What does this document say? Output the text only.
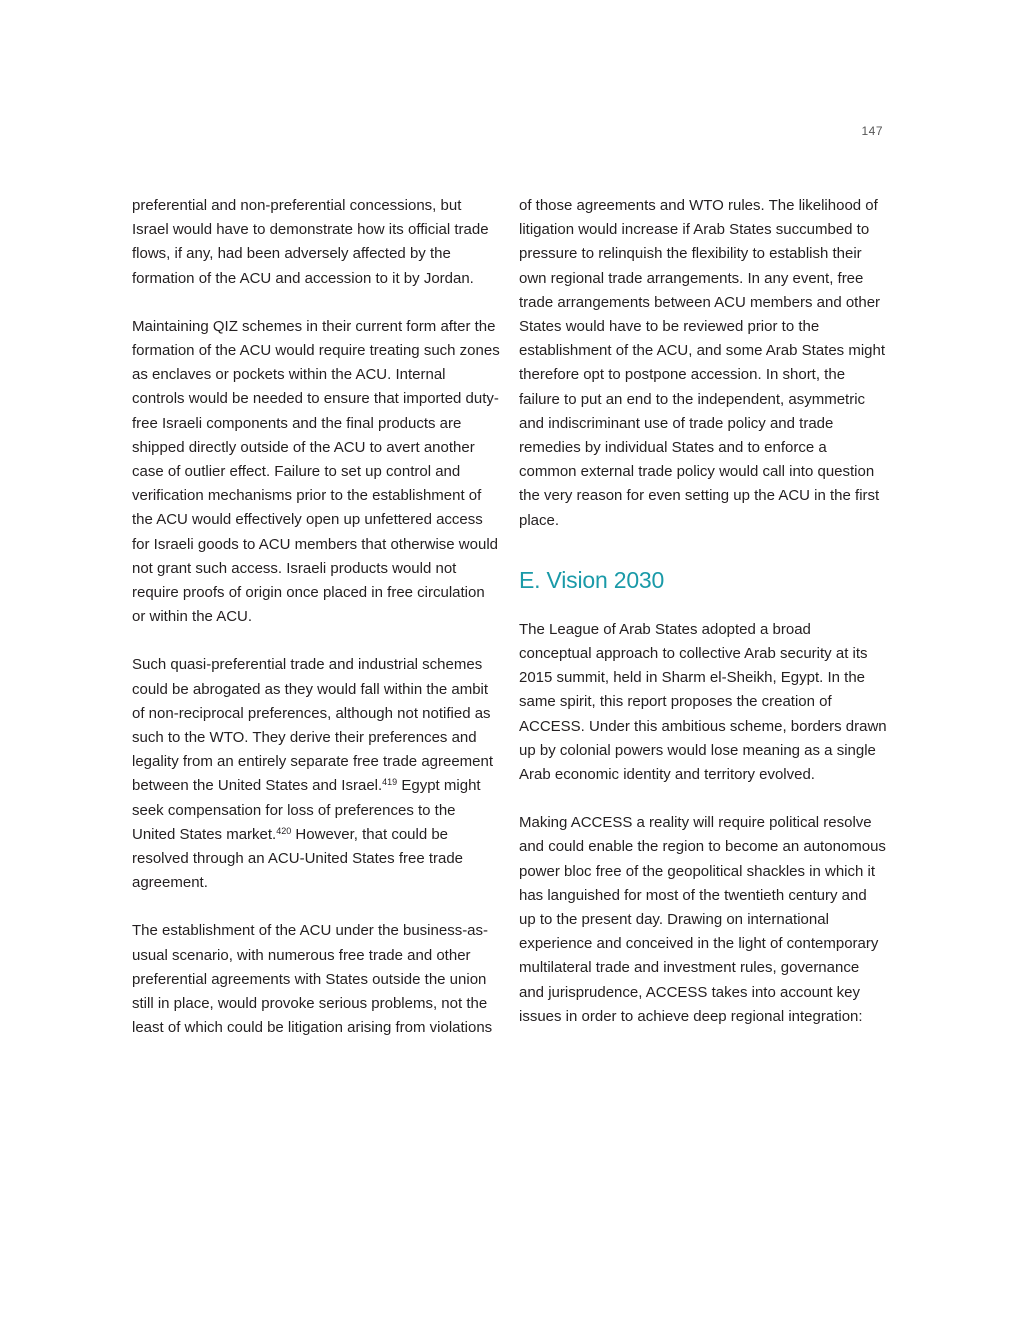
147

preferential and non-preferential concessions, but Israel would have to demonstrate how its official trade flows, if any, had been adversely affected by the formation of the ACU and accession to it by Jordan.

Maintaining QIZ schemes in their current form after the formation of the ACU would require treating such zones as enclaves or pockets within the ACU. Internal controls would be needed to ensure that imported duty-free Israeli components and the final products are shipped directly outside of the ACU to avert another case of outlier effect. Failure to set up control and verification mechanisms prior to the establishment of the ACU would effectively open up unfettered access for Israeli goods to ACU members that otherwise would not grant such access. Israeli products would not require proofs of origin once placed in free circulation or within the ACU.

Such quasi-preferential trade and industrial schemes could be abrogated as they would fall within the ambit of non-reciprocal preferences, although not notified as such to the WTO. They derive their preferences and legality from an entirely separate free trade agreement between the United States and Israel.$^{419}$ Egypt might seek compensation for loss of preferences to the United States market.$^{420}$ However, that could be resolved through an ACU-United States free trade agreement.

The establishment of the ACU under the business-as-usual scenario, with numerous free trade and other preferential agreements with States outside the union still in place, would provoke serious problems, not the least of which could be litigation arising from violations

of those agreements and WTO rules. The likelihood of litigation would increase if Arab States succumbed to pressure to relinquish the flexibility to establish their own regional trade arrangements. In any event, free trade arrangements between ACU members and other States would have to be reviewed prior to the establishment of the ACU, and some Arab States might therefore opt to postpone accession. In short, the failure to put an end to the independent, asymmetric and indiscriminant use of trade policy and trade remedies by individual States and to enforce a common external trade policy would call into question the very reason for even setting up the ACU in the first place.

E. Vision 2030

The League of Arab States adopted a broad conceptual approach to collective Arab security at its 2015 summit, held in Sharm el-Sheikh, Egypt. In the same spirit, this report proposes the creation of ACCESS. Under this ambitious scheme, borders drawn up by colonial powers would lose meaning as a single Arab economic identity and territory evolved.

Making ACCESS a reality will require political resolve and could enable the region to become an autonomous power bloc free of the geopolitical shackles in which it has languished for most of the twentieth century and up to the present day. Drawing on international experience and conceived in the light of contemporary multilateral trade and investment rules, governance and jurisprudence, ACCESS takes into account key issues in order to achieve deep regional integration:
